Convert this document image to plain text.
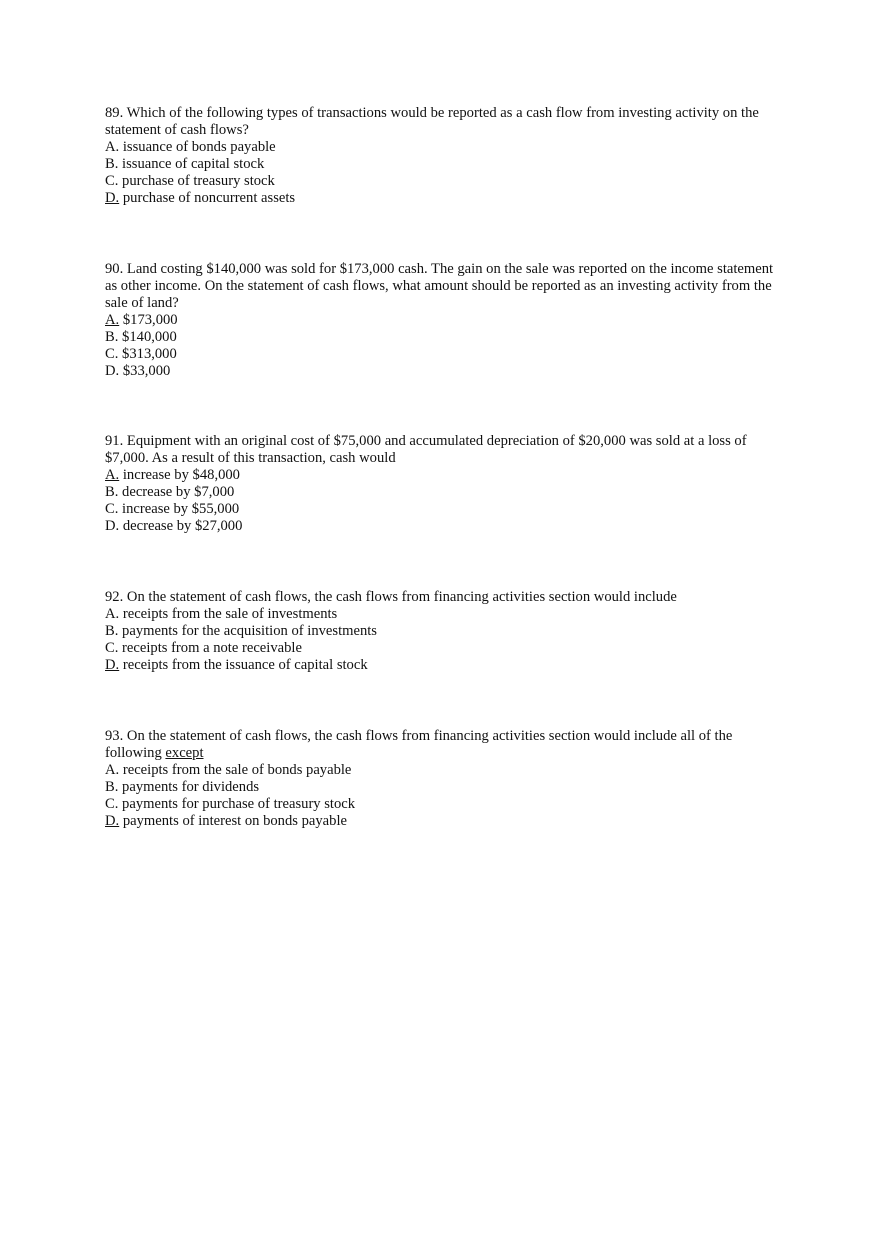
89. Which of the following types of transactions would be reported as a cash flow from investing activity on the statement of cash flows?

A. issuance of bonds payable
B. issuance of capital stock
C. purchase of treasury stock
D. purchase of noncurrent assets

90. Land costing $140,000 was sold for $173,000 cash. The gain on the sale was reported on the income statement as other income. On the statement of cash flows, what amount should be reported as an investing activity from the sale of land?

A. $173,000
B. $140,000
C. $313,000
D. $33,000

91. Equipment with an original cost of $75,000 and accumulated depreciation of $20,000 was sold at a loss of $7,000. As a result of this transaction, cash would

A. increase by $48,000
B. decrease by $7,000
C. increase by $55,000
D. decrease by $27,000

92. On the statement of cash flows, the cash flows from financing activities section would include

A. receipts from the sale of investments
B. payments for the acquisition of investments
C. receipts from a note receivable
D. receipts from the issuance of capital stock

93. On the statement of cash flows, the cash flows from financing activities section would include all of the following except

A. receipts from the sale of bonds payable
B. payments for dividends
C. payments for purchase of treasury stock
D. payments of interest on bonds payable
